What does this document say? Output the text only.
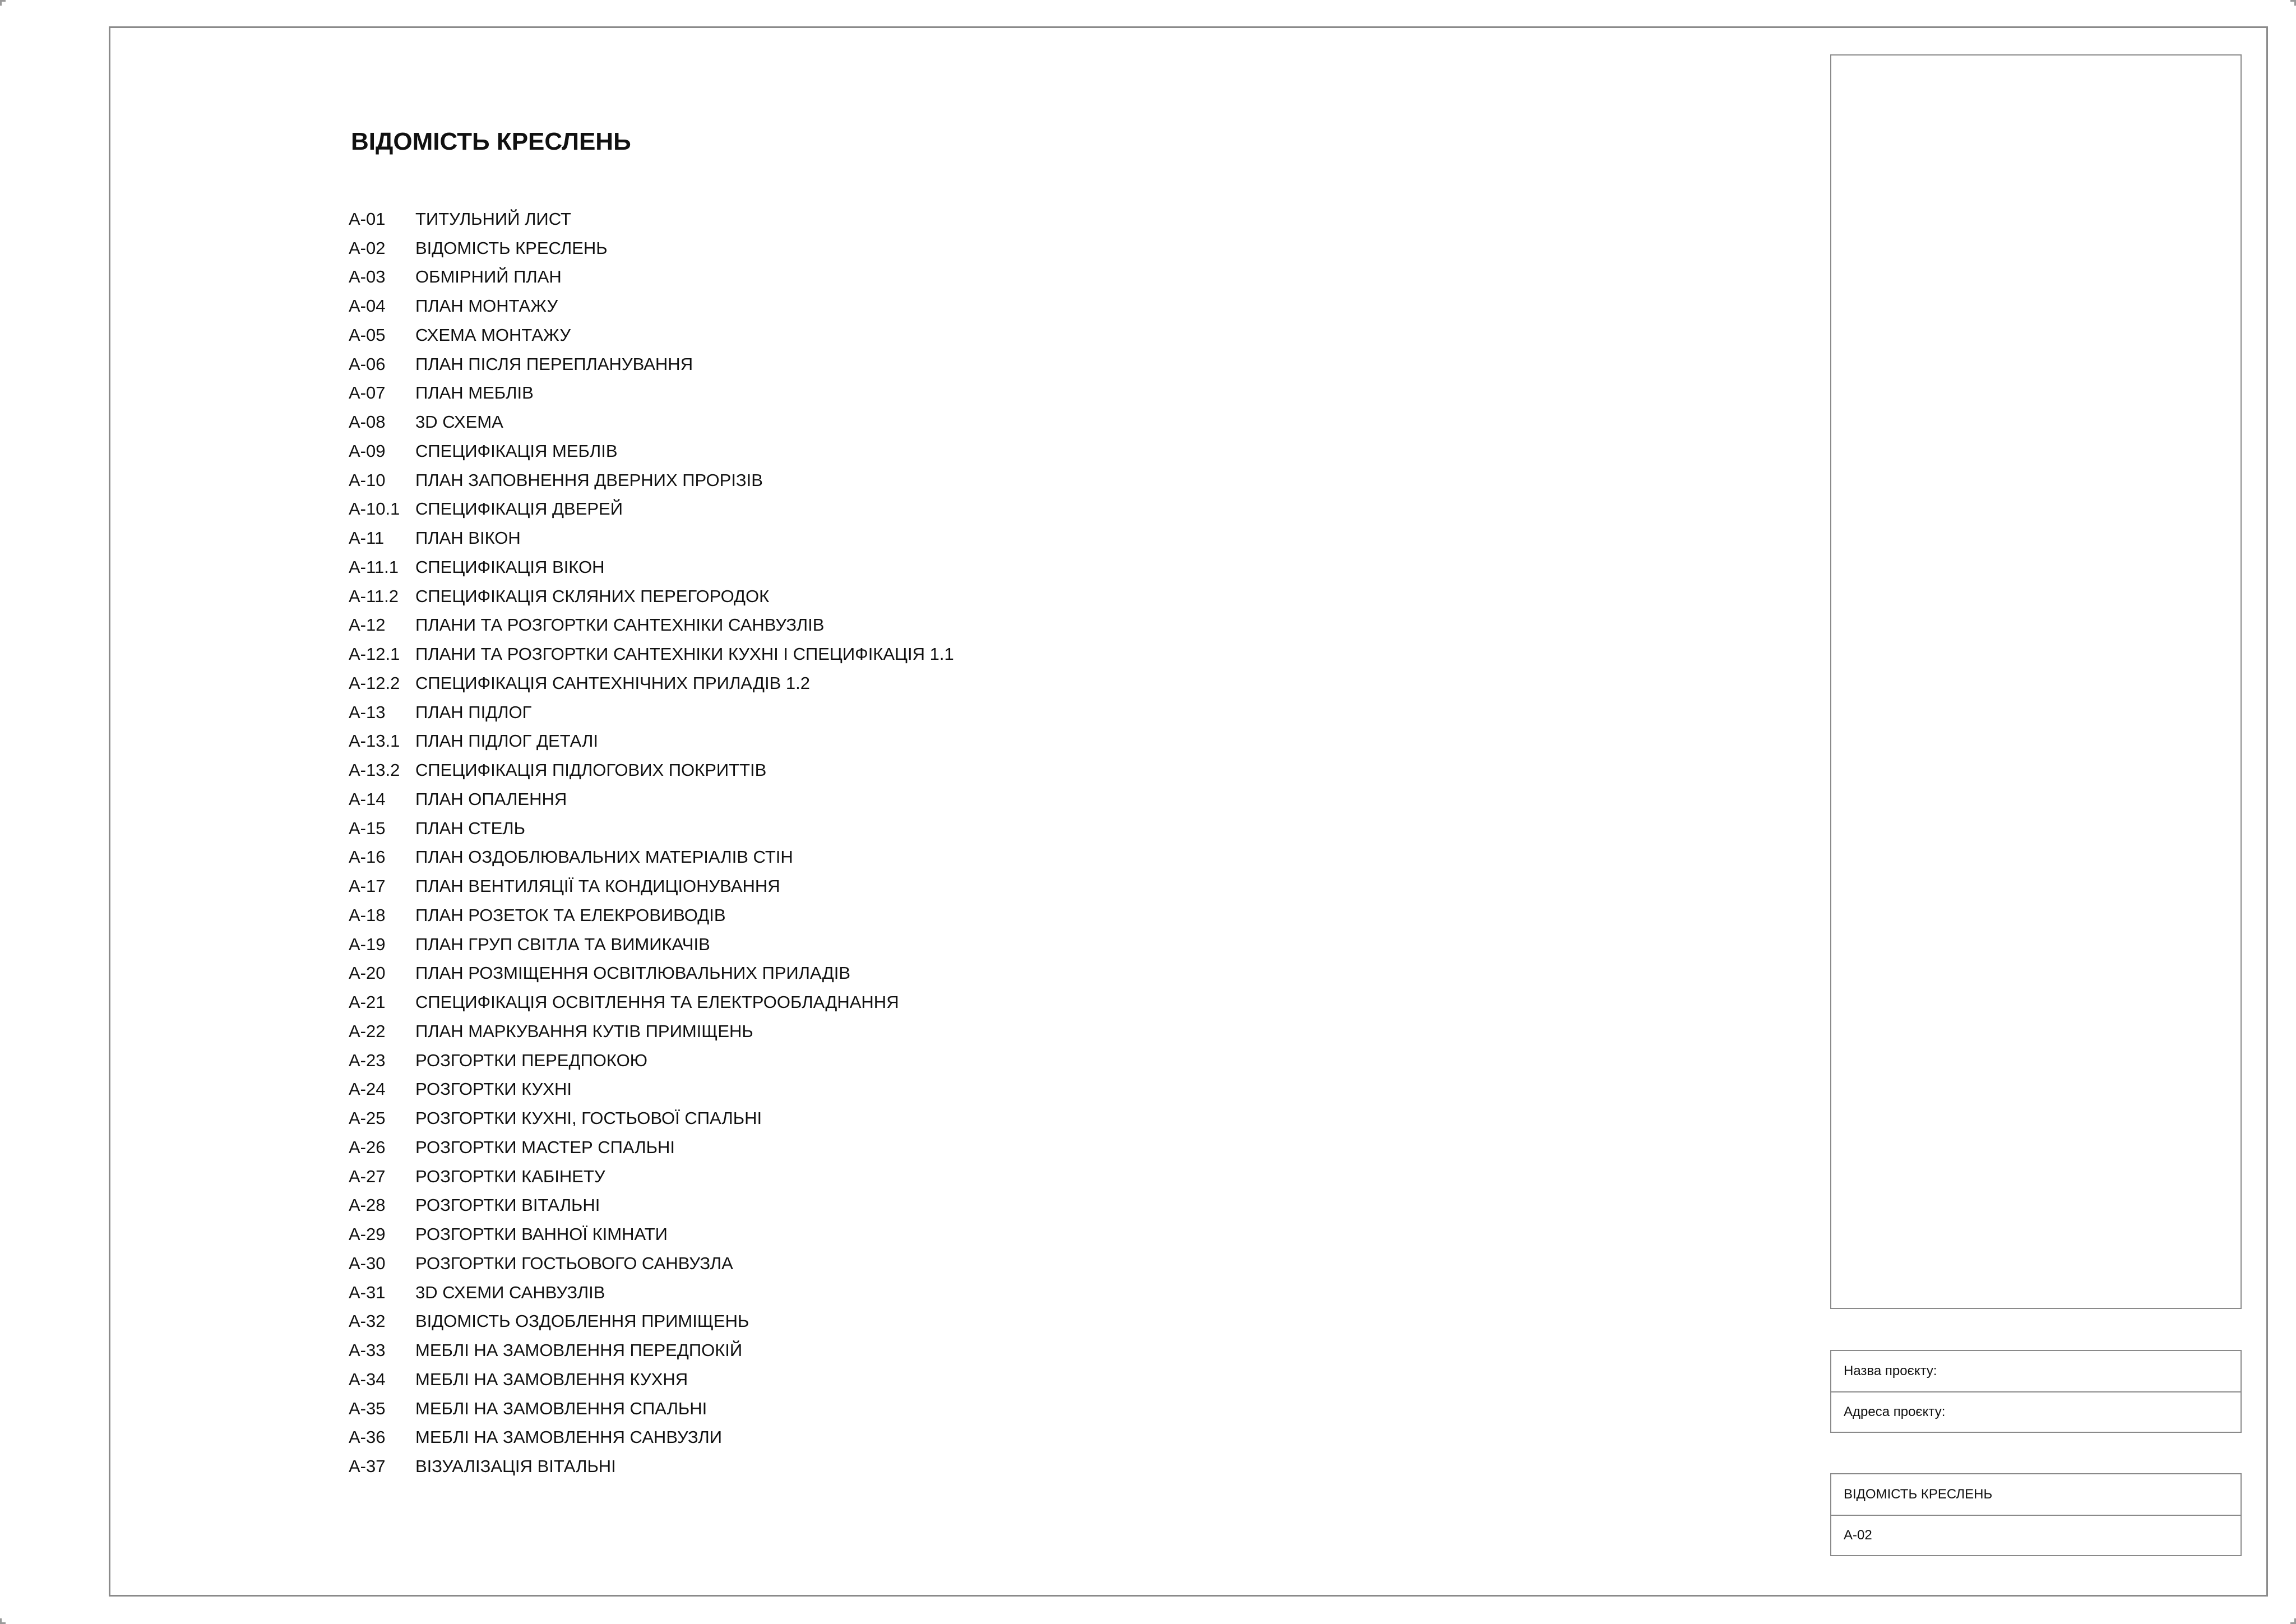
ВІДОМІСТЬ КРЕСЛЕНЬ
А-01	ТИТУЛЬНИЙ ЛИСТ
А-02	ВІДОМІСТЬ КРЕСЛЕНЬ
А-03	ОБМІРНИЙ ПЛАН
А-04	ПЛАН МОНТАЖУ
А-05	СХЕМА МОНТАЖУ
А-06	ПЛАН ПІСЛЯ ПЕРЕПЛАНУВАННЯ
А-07	ПЛАН МЕБЛІВ
А-08	3D СХЕМА
А-09	СПЕЦИФІКАЦІЯ МЕБЛІВ
А-10	ПЛАН ЗАПОВНЕННЯ ДВЕРНИХ ПРОРІЗІВ
А-10.1 СПЕЦИФІКАЦІЯ ДВЕРЕЙ
А-11	ПЛАН ВІКОН
А-11.1 СПЕЦИФІКАЦІЯ ВІКОН
А-11.2 СПЕЦИФІКАЦІЯ СКЛЯНИХ ПЕРЕГОРОДОК
А-12	ПЛАНИ ТА РОЗГОРТКИ САНТЕХНІКИ САНВУЗЛІВ
А-12.1 ПЛАНИ ТА РОЗГОРТКИ САНТЕХНІКИ КУХНІ І СПЕЦИФІКАЦІЯ 1.1
А-12.2 СПЕЦИФІКАЦІЯ САНТЕХНІЧНИХ ПРИЛАДІВ 1.2
А-13	ПЛАН ПІДЛОГ
А-13.1 ПЛАН ПІДЛОГ ДЕТАЛІ
А-13.2 СПЕЦИФІКАЦІЯ ПІДЛОГОВИХ ПОКРИТТІВ
А-14	ПЛАН ОПАЛЕННЯ
А-15	ПЛАН СТЕЛЬ
А-16	ПЛАН ОЗДОБЛЮВАЛЬНИХ МАТЕРІАЛІВ СТІН
А-17	ПЛАН ВЕНТИЛЯЦІЇ ТА КОНДИЦІОНУВАННЯ
А-18	ПЛАН РОЗЕТОК ТА ЕЛЕКРОВИВОДІВ
А-19	ПЛАН ГРУП СВІТЛА ТА ВИМИКАЧІВ
А-20	ПЛАН РОЗМІЩЕННЯ ОСВІТЛЮВАЛЬНИХ ПРИЛАДІВ
А-21	СПЕЦИФІКАЦІЯ ОСВІТЛЕННЯ ТА ЕЛЕКТРООБЛАДНАННЯ
А-22	ПЛАН МАРКУВАННЯ КУТІВ ПРИМІЩЕНЬ
А-23	РОЗГОРТКИ ПЕРЕДПОКОЮ
А-24	РОЗГОРТКИ КУХНІ
А-25	РОЗГОРТКИ КУХНІ, ГОСТЬОВОЇ СПАЛЬНІ
А-26	РОЗГОРТКИ МАСТЕР СПАЛЬНІ
А-27	РОЗГОРТКИ КАБІНЕТУ
А-28	РОЗГОРТКИ ВІТАЛЬНІ
А-29	РОЗГОРТКИ ВАННОЇ КІМНАТИ
А-30	РОЗГОРТКИ ГОСТЬОВОГО САНВУЗЛА
А-31	3D СХЕМИ САНВУЗЛІВ
А-32	ВІДОМІСТЬ ОЗДОБЛЕННЯ ПРИМІЩЕНЬ
А-33	МЕБЛІ НА ЗАМОВЛЕННЯ ПЕРЕДПОКІЙ
А-34	МЕБЛІ НА ЗАМОВЛЕННЯ КУХНЯ
А-35	МЕБЛІ НА ЗАМОВЛЕННЯ СПАЛЬНІ
А-36	МЕБЛІ НА ЗАМОВЛЕННЯ САНВУЗЛИ
А-37	ВІЗУАЛІЗАЦІЯ ВІТАЛЬНІ
Назва проєкту:
Адреса проєкту:
ВІДОМІСТЬ КРЕСЛЕНЬ
А-02
